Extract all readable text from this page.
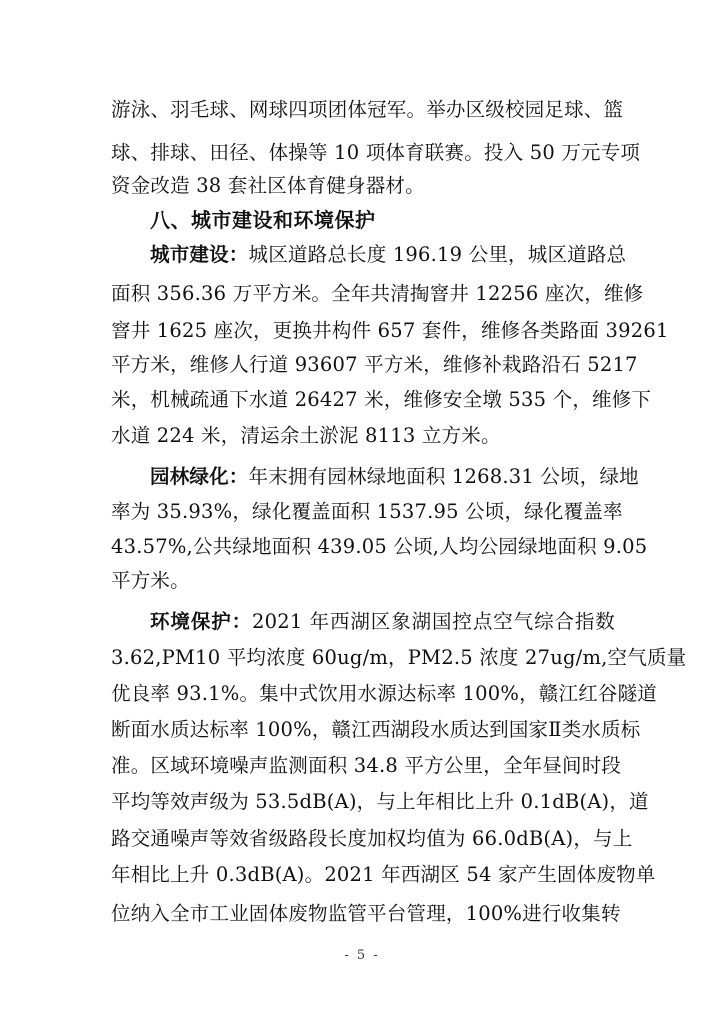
游泳、羽毛球、网球四项团体冠军。举办区级校园足球、篮
球、排球、田径、体操等 10 项体育联赛。投入 50 万元专项
资金改造 38 套社区体育健身器材。
八、城市建设和环境保护
城市建设：城区道路总长度 196.19 公里，城区道路总
面积 356.36 万平方米。全年共清掏窨井 12256 座次，维修
窨井 1625 座次，更换井构件 657 套件，维修各类路面 39261
平方米，维修人行道 93607 平方米，维修补栽路沿石 5217
米，机械疏通下水道 26427 米，维修安全墩 535 个，维修下
水道 224 米，清运余土淤泥 8113 立方米。
园林绿化：年末拥有园林绿地面积 1268.31 公顷，绿地
率为 35.93%，绿化覆盖面积 1537.95 公顷，绿化覆盖率
43.57%,公共绿地面积 439.05 公顷,人均公园绿地面积 9.05
平方米。
环境保护：2021 年西湖区象湖国控点空气综合指数
3.62,PM10 平均浓度 60ug/m，PM2.5 浓度 27ug/m,空气质量
优良率 93.1%。集中式饮用水源达标率 100%，赣江红谷隧道
断面水质达标率 100%，赣江西湖段水质达到国家Ⅱ类水质标
准。区域环境噪声监测面积 34.8 平方公里，全年昼间时段
平均等效声级为 53.5dB(A)，与上年相比上升 0.1dB(A)，道
路交通噪声等效省级路段长度加权均值为 66.0dB(A)，与上
年相比上升 0.3dB(A)。2021 年西湖区 54 家产生固体废物单
位纳入全市工业固体废物监管平台管理，100%进行收集转
- 5 -
